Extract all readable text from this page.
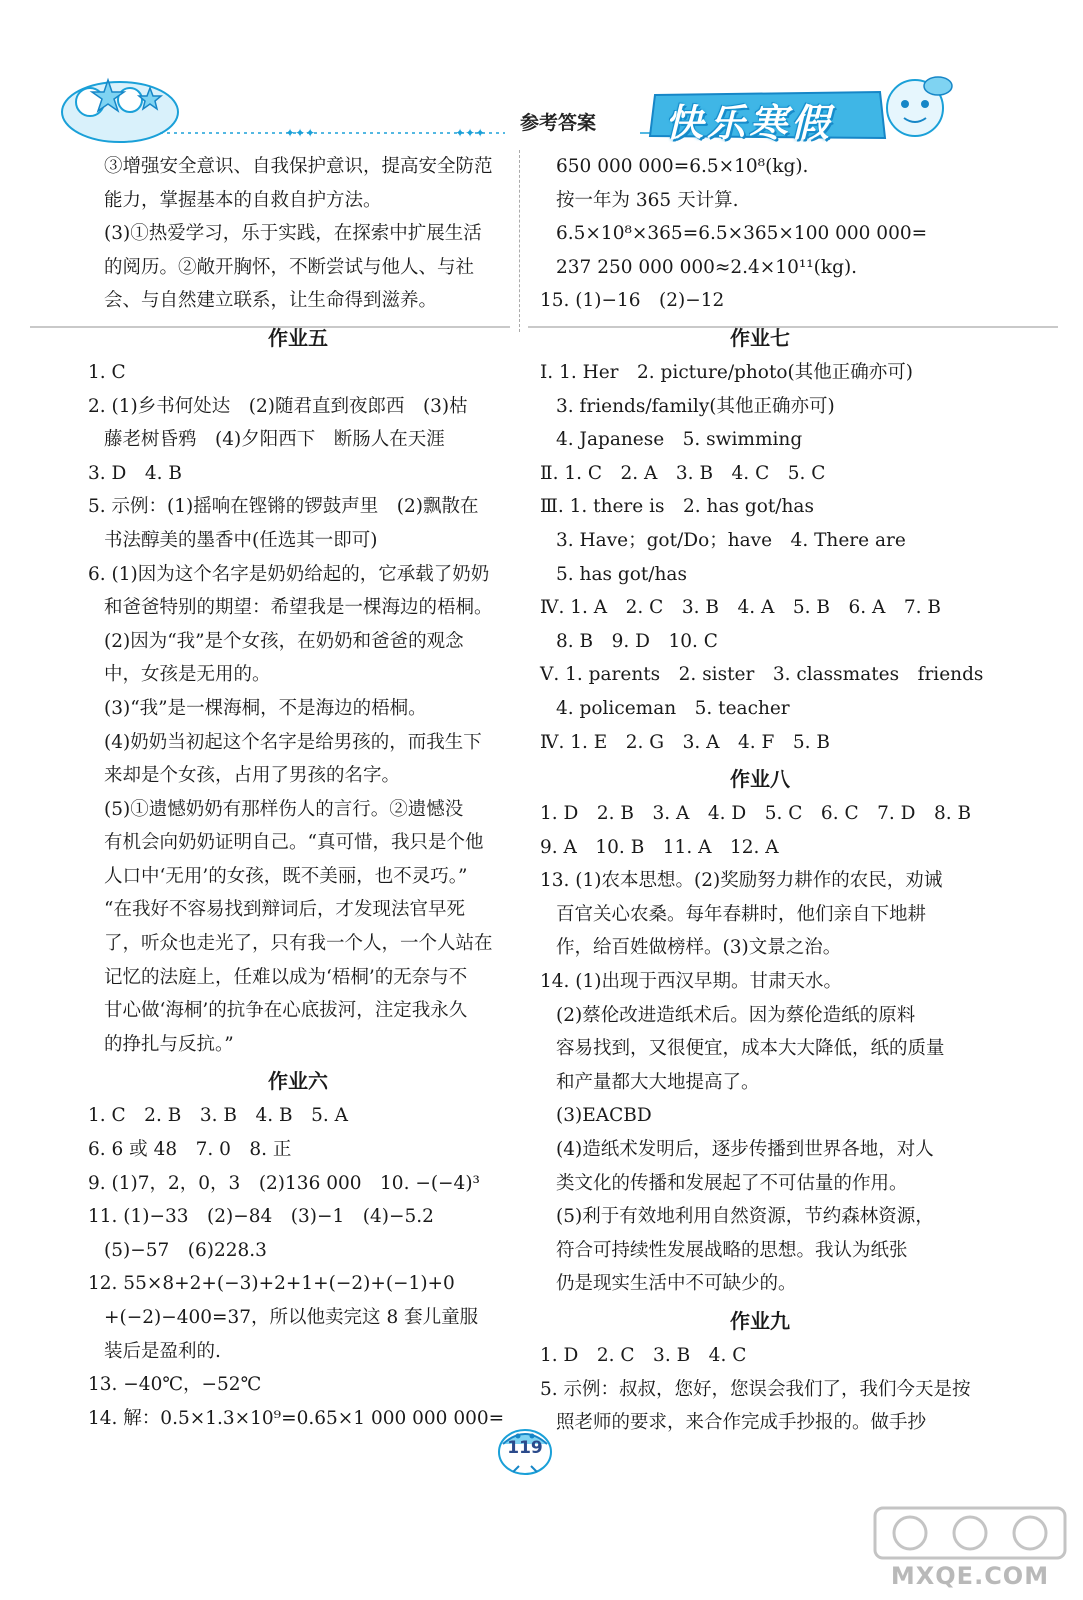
✦✦✦	✦✦✦ 参考答案 快乐寒假
③增强安全意识、自我保护意识，提高安全防范
能力，掌握基本的自救自护方法。
(3)①热爱学习，乐于实践，在探索中扩展生活
的阅历。②敞开胸怀，不断尝试与他人、与社
会、与自然建立联系，让生命得到滋养。
作业五
1. C
2. (1)乡书何处达　(2)随君直到夜郎西　(3)枯
藤老树昏鸦　(4)夕阳西下　断肠人在天涯
3. D　4. B
5. 示例：(1)摇响在铿锵的锣鼓声里　(2)飘散在
书法醇美的墨香中(任选其一即可)
6. (1)因为这个名字是奶奶给起的，它承载了奶奶
和爸爸特别的期望：希望我是一棵海边的梧桐。
(2)因为“我”是个女孩，在奶奶和爸爸的观念
中，女孩是无用的。
(3)“我”是一棵海桐，不是海边的梧桐。
(4)奶奶当初起这个名字是给男孩的，而我生下
来却是个女孩，占用了男孩的名字。
(5)①遗憾奶奶有那样伤人的言行。②遗憾没
有机会向奶奶证明自己。“真可惜，我只是个他
人口中‘无用’的女孩，既不美丽，也不灵巧。”
“在我好不容易找到辩词后，才发现法官早死
了，听众也走光了，只有我一个人，一个人站在
记忆的法庭上，任难以成为‘梧桐’的无奈与不
甘心做‘海桐’的抗争在心底拔河，注定我永久
的挣扎与反抗。”
作业六
1. C　2. B　3. B　4. B　5. A
6. 6 或 48　7. 0　8. 正
9. (1)7，2，0，3　(2)136 000　10. −(−4)³
11. (1)−33　(2)−84　(3)−1　(4)−5.2
(5)−57　(6)228.3
12. 55×8+2+(−3)+2+1+(−2)+(−1)+0
+(−2)−400=37，所以他卖完这 8 套儿童服
装后是盈利的.
13. −40℃，−52℃
14. 解：0.5×1.3×10⁹=0.65×1 000 000 000=
650 000 000=6.5×10⁸(kg).
按一年为 365 天计算.
6.5×10⁸×365=6.5×365×100 000 000=
237 250 000 000≈2.4×10¹¹(kg).
15. (1)−16　(2)−12
作业七
Ⅰ. 1. Her　2. picture/photo(其他正确亦可)
3. friends/family(其他正确亦可)
4. Japanese　5. swimming
Ⅱ. 1. C　2. A　3. B　4. C　5. C
Ⅲ. 1. there is　2. has got/has
3. Have；got/Do；have　4. There are
5. has got/has
Ⅳ. 1. A　2. C　3. B　4. A　5. B　6. A　7. B
8. B　9. D　10. C
Ⅴ. 1. parents　2. sister　3. classmates　friends
4. policeman　5. teacher
Ⅳ. 1. E　2. G　3. A　4. F　5. B
作业八
1. D　2. B　3. A　4. D　5. C　6. C　7. D　8. B
9. A　10. B　11. A　12. A
13. (1)农本思想。(2)奖励努力耕作的农民，劝诫
百官关心农桑。每年春耕时，他们亲自下地耕
作，给百姓做榜样。(3)文景之治。
14. (1)出现于西汉早期。甘肃天水。
(2)蔡伦改进造纸术后。因为蔡伦造纸的原料
容易找到，又很便宜，成本大大降低，纸的质量
和产量都大大地提高了。
(3)EACBD
(4)造纸术发明后，逐步传播到世界各地，对人
类文化的传播和发展起了不可估量的作用。
(5)利于有效地利用自然资源，节约森林资源，
符合可持续性发展战略的思想。我认为纸张
仍是现实生活中不可缺少的。
作业九
1. D　2. C　3. B　4. C
5. 示例：叔叔，您好，您误会我们了，我们今天是按
照老师的要求，来合作完成手抄报的。做手抄
119
MXQE.COM
